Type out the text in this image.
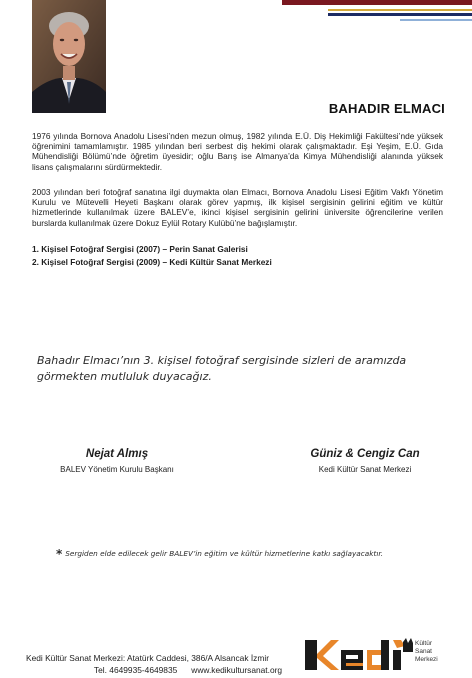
BAHADIR ELMACI

1976 yılında Bornova Anadolu Lisesi’nden mezun olmuş, 1982 yılında E.Ü. Diş Hekimliği Fakültesi’nde yüksek öğrenimini tamamlamıştır. 1985 yılından beri serbest diş hekimi olarak çalışmaktadır. Eşi Yeşim, E.Ü. Gıda Mühendisliği Bölümü’nde öğretim üyesidir; oğlu Barış ise Almanya’da Kimya Mühendisliği alanında yüksek lisans çalışmalarını sürdürmektedir.

2003 yılından beri fotoğraf sanatına ilgi duymakta olan Elmacı, Bornova Anadolu Lisesi Eğitim Vakfı Yönetim Kurulu ve Mütevelli Heyeti Başkanı olarak görev yapmış, ilk kişisel sergisinin gelirini eğitim ve kültür hizmetlerinde kullanılmak üzere BALEV’e, ikinci kişisel sergisinin gelirini üniversite öğrencilerine verilen burslarda kullanılmak üzere Dokuz Eylül Rotary Kulübü’ne bağışlamıştır.

1. Kişisel Fotoğraf Sergisi (2007) – Perin Sanat Galerisi
2. Kişisel Fotoğraf Sergisi (2009) – Kedi Kültür Sanat Merkezi

Bahadır Elmacı’nın 3. kişisel fotoğraf sergisinde sizleri de aramızda görmekten mutluluk duyacağız.

Nejat Almış
BALEV Yönetim Kurulu Başkanı
Güniz & Cengiz Can
Kedi Kültür Sanat Merkezi
* Sergiden elde edilecek gelir BALEV’in eğitim ve kültür hizmetlerine katkı sağlayacaktır.
Kedi Kültür Sanat Merkezi: Atatürk Caddesi, 386/A Alsancak İzmir
Tel. 4649935-4649835 www.kedikultursanat.org
Kültür
Sanat
Merkezi
